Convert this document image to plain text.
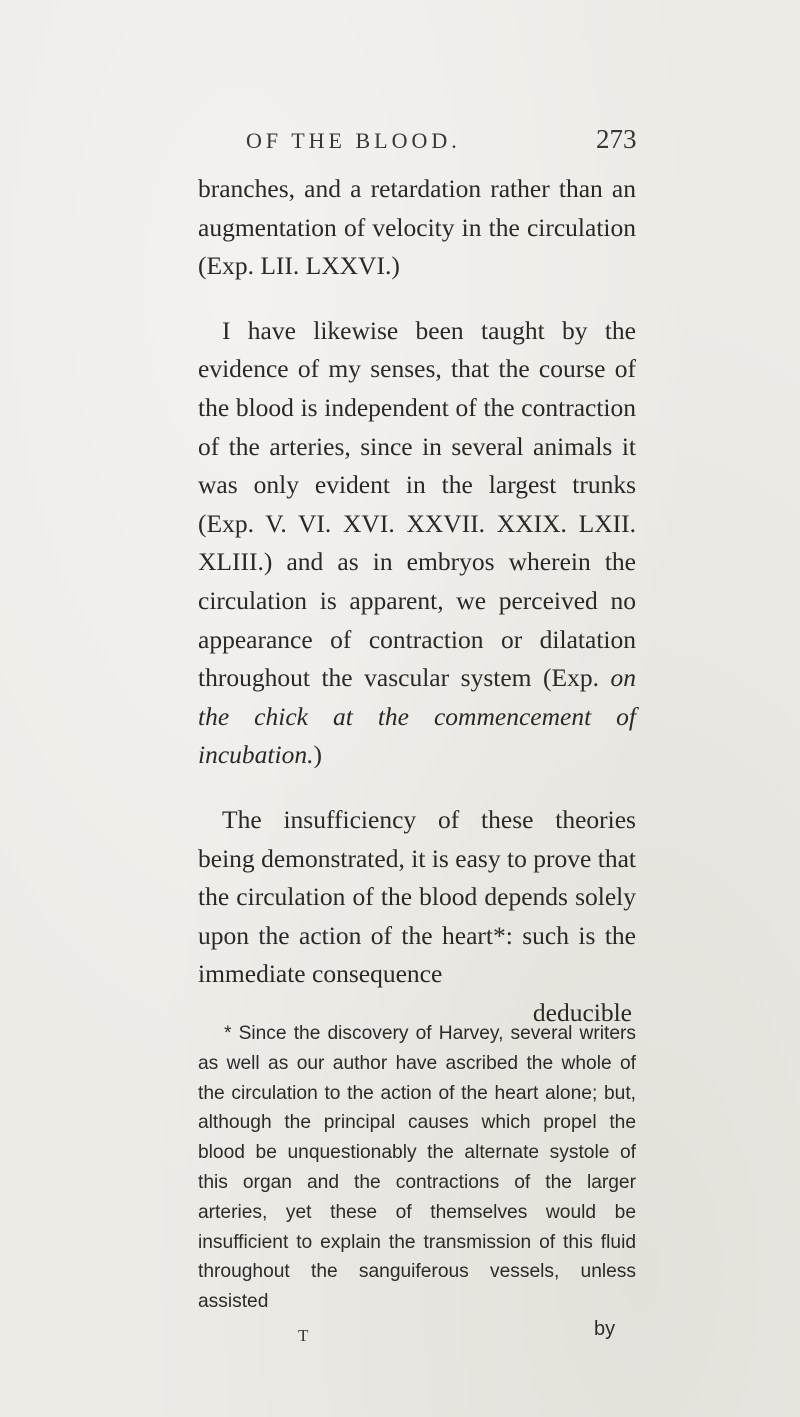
OF THE BLOOD.	273

branches, and a retardation rather than an augmentation of velocity in the circulation (Exp. LII. LXXVI.)

I have likewise been taught by the evidence of my senses, that the course of the blood is independent of the contraction of the arteries, since in several animals it was only evident in the largest trunks (Exp. V. VI. XVI. XXVII. XXIX. LXII. XLIII.) and as in embryos wherein the circulation is apparent, we perceived no appearance of contraction or dilatation throughout the vascular system (Exp. on the chick at the commencement of incubation.)

The insufficiency of these theories being demonstrated, it is easy to prove that the circulation of the blood depends solely upon the action of the heart*: such is the immediate consequence

deducible

* Since the discovery of Harvey, several writers as well as our author have ascribed the whole of the circulation to the action of the heart alone; but, although the principal causes which propel the blood be unquestionably the alternate systole of this organ and the contractions of the larger arteries, yet these of themselves would be insufficient to explain the transmission of this fluid throughout the sanguiferous vessels, unless assisted

T	by
